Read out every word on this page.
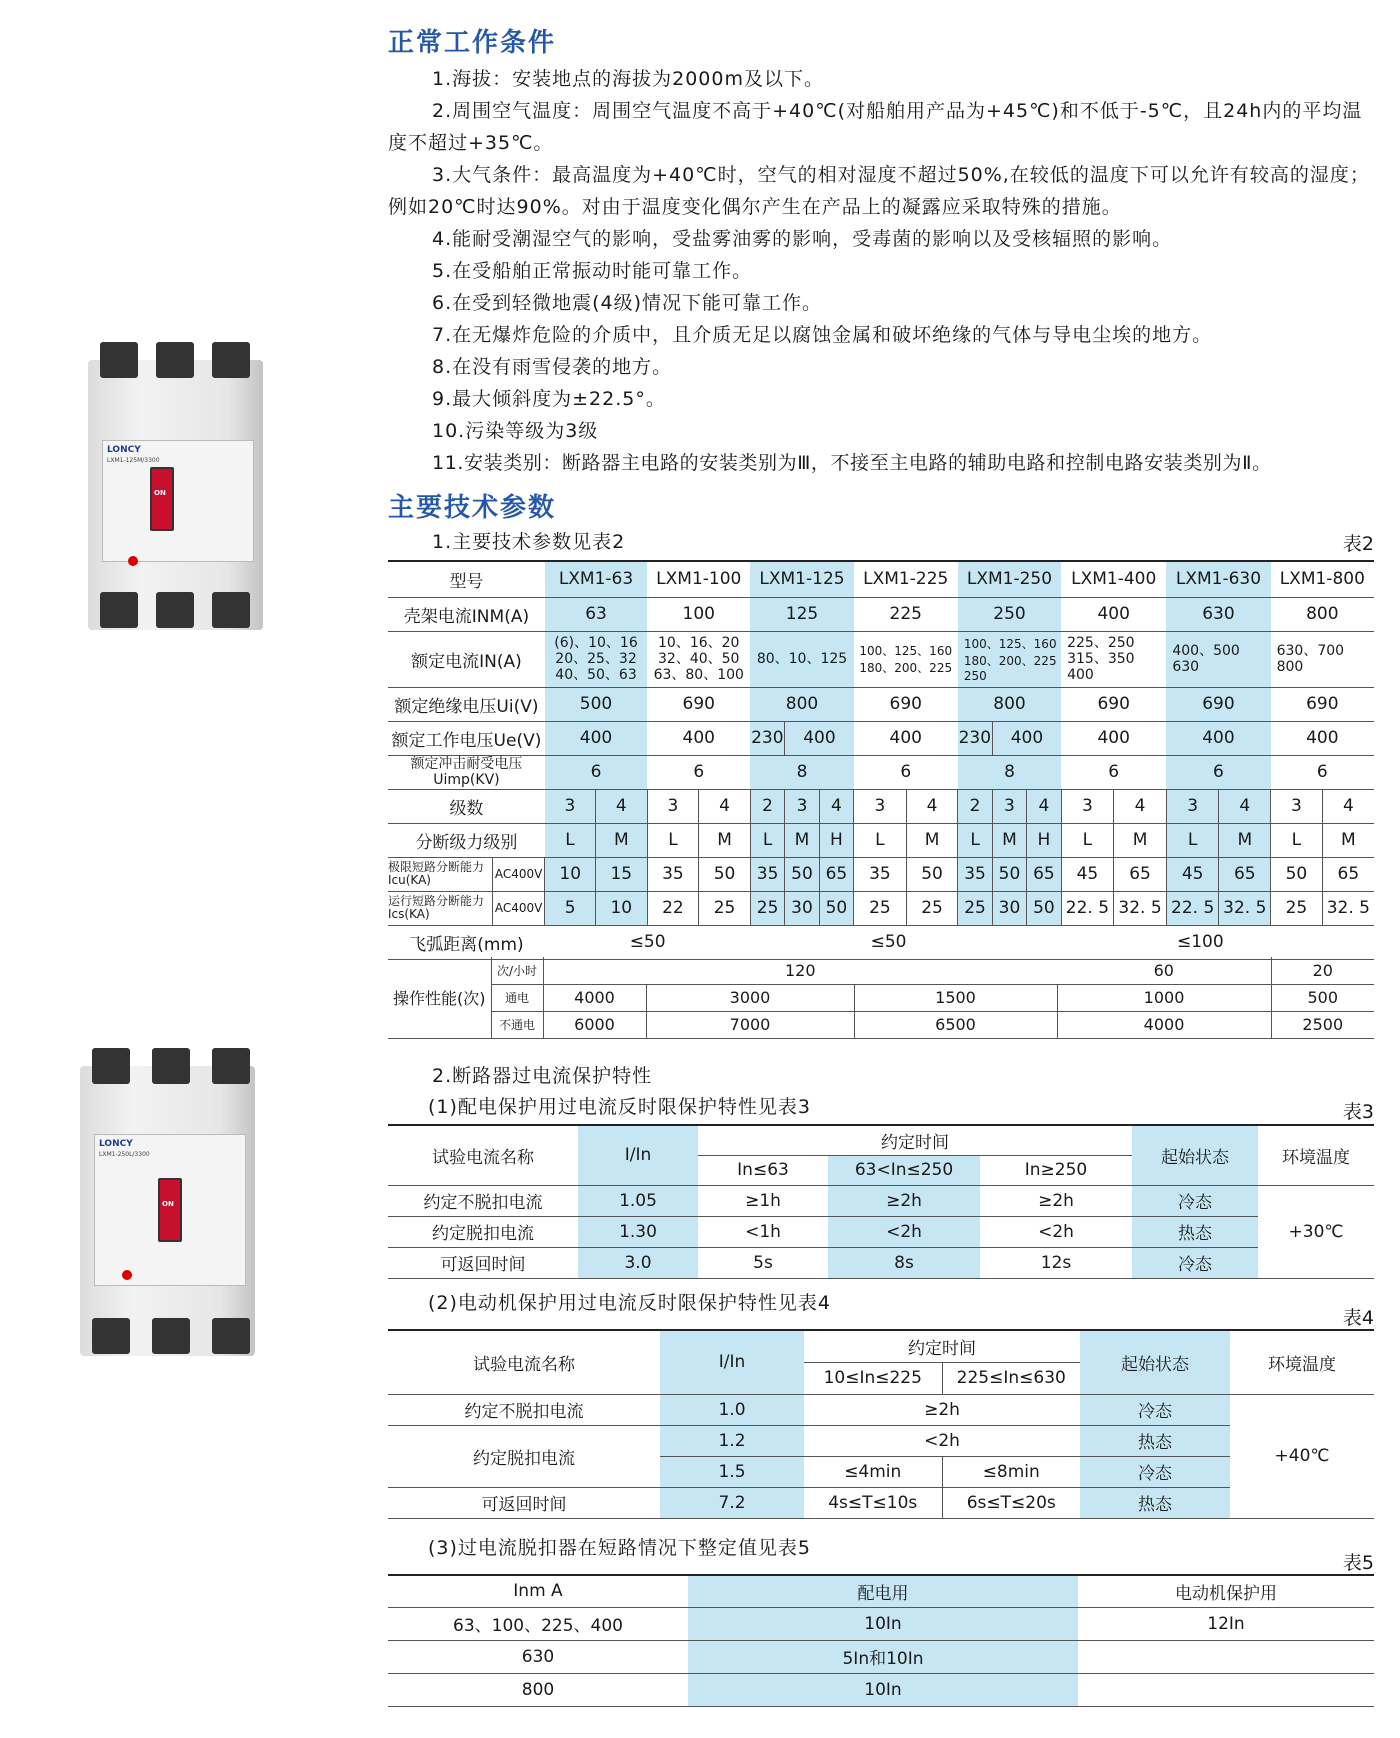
LONCY
LXM1-125M/3300
ON
LONCY
LXM1-250L/3300
ON
正常工作条件

1.海拔：安装地点的海拔为2000m及以下。

2.周围空气温度：周围空气温度不高于+40℃(对船舶用产品为+45℃)和不低于-5℃，且24h内的平均温度不超过+35℃。

3.大气条件：最高温度为+40℃时，空气的相对湿度不超过50%,在较低的温度下可以允许有较高的湿度；例如20℃时达90%。对由于温度变化偶尔产生在产品上的凝露应采取特殊的措施。

4.能耐受潮湿空气的影响，受盐雾油雾的影响，受毒菌的影响以及受核辐照的影响。

5.在受船舶正常振动时能可靠工作。

6.在受到轻微地震(4级)情况下能可靠工作。

7.在无爆炸危险的介质中，且介质无足以腐蚀金属和破坏绝缘的气体与导电尘埃的地方。

8.在没有雨雪侵袭的地方。

9.最大倾斜度为±22.5°。

10.污染等级为3级

11.安装类别：断路器主电路的安装类别为Ⅲ，不接至主电路的辅助电路和控制电路安装类别为Ⅱ。

主要技术参数
1.主要技术参数见表2	表2
型号		LXM1-63		LXM1-100		LXM1-125			LXM1-225		LXM1-250			LXM1-400		LXM1-630		LXM1-800	
壳架电流INM(A)		63		100		125			225		250			400		630		800	
额定电流IN(A)		(6)、10、16
20、25、32
40、50、63		10、16、20
32、40、50
63、80、100		80、10、125			100、125、160
180、200、225		100、125、160
180、200、225
250			225、250
315、350
400		400、500
630		630、700
800	
额定绝缘电压Ui(V)		500		690		800			690		800			690		690		690	
额定工作电压Ue(V)		400		400		230	400		400		230	400		400		400		400	
额定冲击耐受电压
Uimp(KV)		6		6		8			6		8			6		6		6	
级数		3	4	3	4	2	3	4	3	4	2	3	4	3	4	3	4	3	4
分断级力级别		L	M	L	M	L	M	H	L	M	L	M	H	L	M	L	M	L	M
极限短路分断能力Icu(KA)	AC400V	10	15	35	50	35	50	65	35	50	35	50	65	45	65	45	65	50	65
运行短路分断能力Ics(KA)	AC400V	5	10	22	25	25	30	50	25	25	25	30	50	22. 5	32. 5	22. 5	32. 5	25	32. 5
飞弧距离(mm)		≤50				≤50							≤100						
操作性能(次)	次/小时	120			60	20
	通电	4000	3000	1500	1000	500
	不通电	6000	7000	6500	4000	2500
2.断路器过电流保护特性
(1)配电保护用过电流反时限保护特性见表3	表3
试验电流名称	I/In	约定时间			起始状态	环境温度
		In≤63	63<In≤250	In≥250		
约定不脱扣电流	1.05	≥1h	≥2h	≥2h	冷态	+30℃
约定脱扣电流	1.30	<1h	<2h	<2h	热态	
可返回时间	3.0	5s	8s	12s	冷态	
(2)电动机保护用过电流反时限保护特性见表4
表4
试验电流名称	I/In	约定时间		起始状态	环境温度
		10≤In≤225	225≤In≤630		
约定不脱扣电流	1.0	≥2h		冷态	+40℃
约定脱扣电流	1.2	<2h		热态	
	1.5	≤4min	≤8min	冷态	
可返回时间	7.2	4s≤T≤10s	6s≤T≤20s	热态	
(3)过电流脱扣器在短路情况下整定值见表5
表5
Inm A	配电用	电动机保护用
63、100、225、400	10In	12In
630	5In和10In	
800	10In	
